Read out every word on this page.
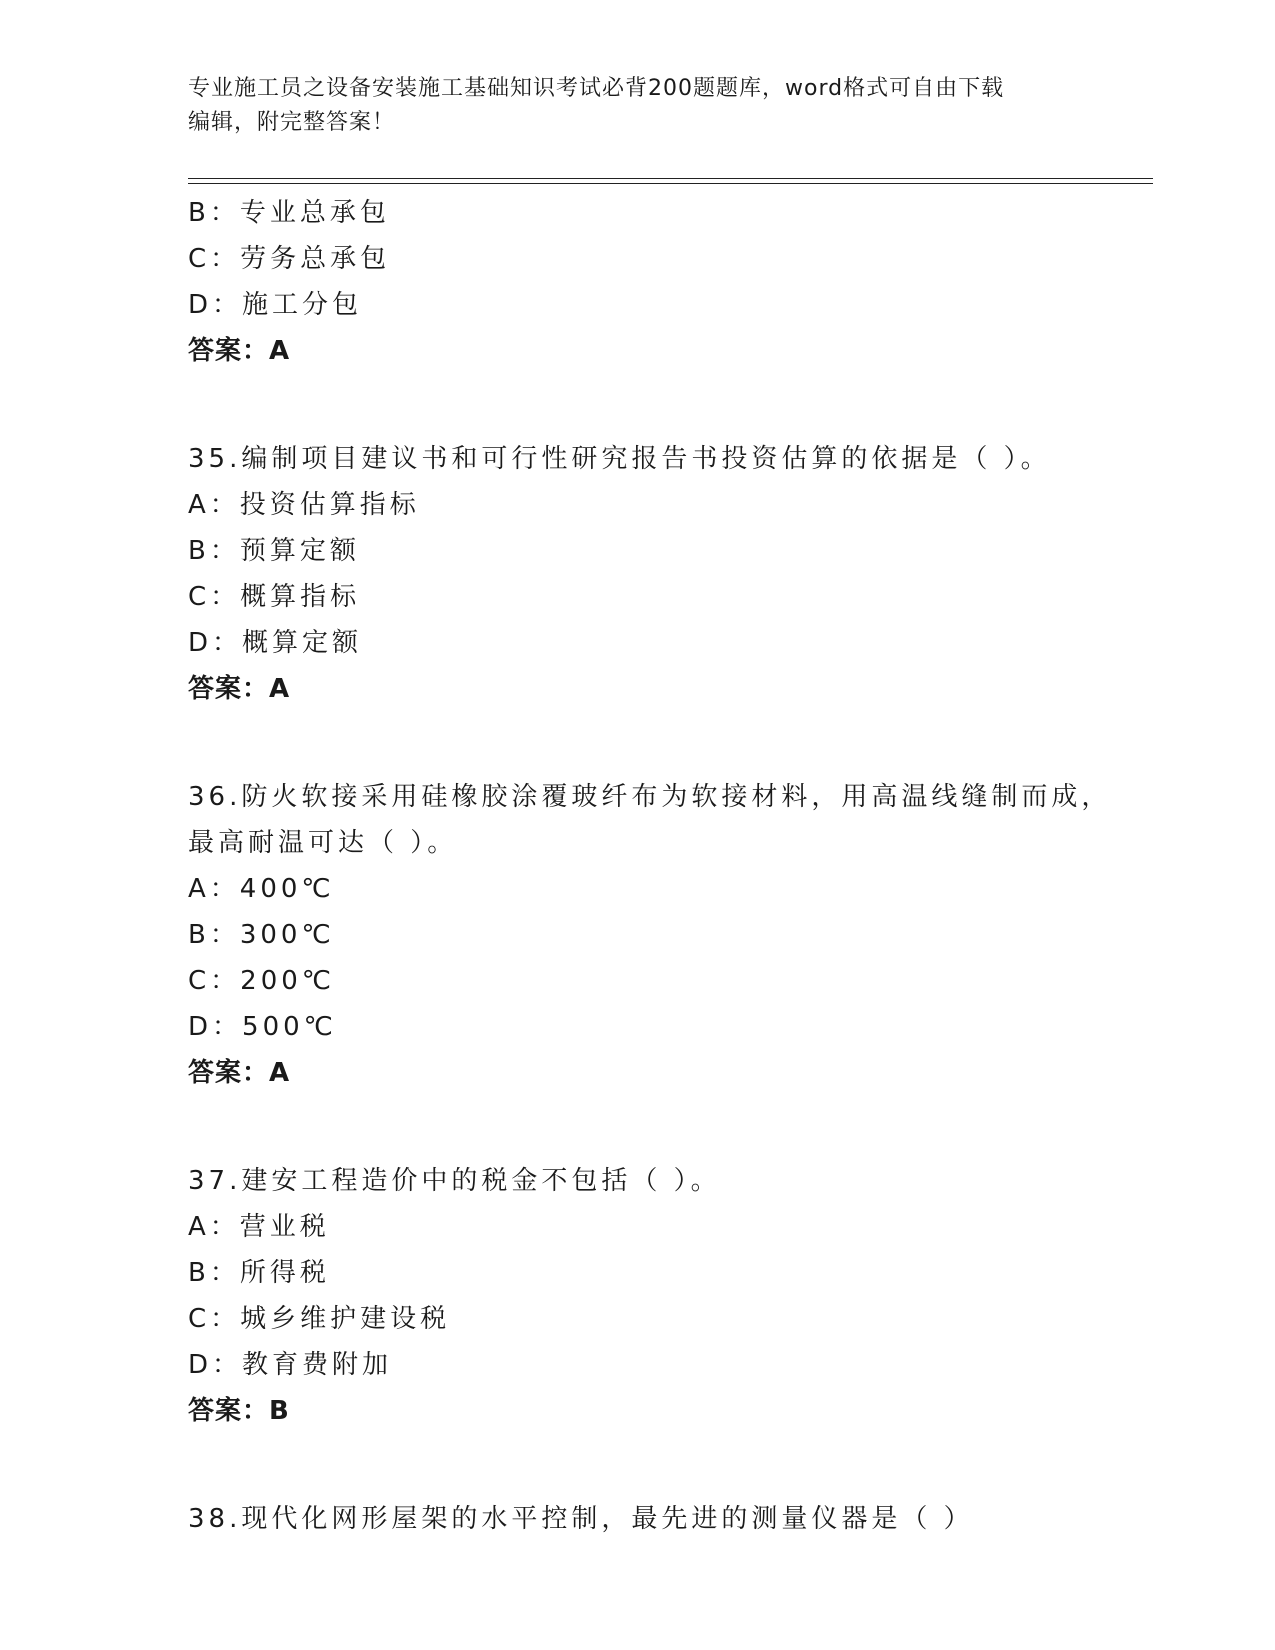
专业施工员之设备安装施工基础知识考试必背200题题库，word格式可自由下载
编辑，附完整答案！
B：专业总承包
C：劳务总承包
D：施工分包
答案：A
35.编制项目建议书和可行性研究报告书投资估算的依据是（ ）。
A：投资估算指标
B：预算定额
C：概算指标
D：概算定额
答案：A
36.防火软接采用硅橡胶涂覆玻纤布为软接材料，用高温线缝制而成，
最高耐温可达（ ）。
A：400℃
B：300℃
C：200℃
D：500℃
答案：A
37.建安工程造价中的税金不包括（ ）。
A：营业税
B：所得税
C：城乡维护建设税
D：教育费附加
答案：B
38.现代化网形屋架的水平控制，最先进的测量仪器是（ ）
